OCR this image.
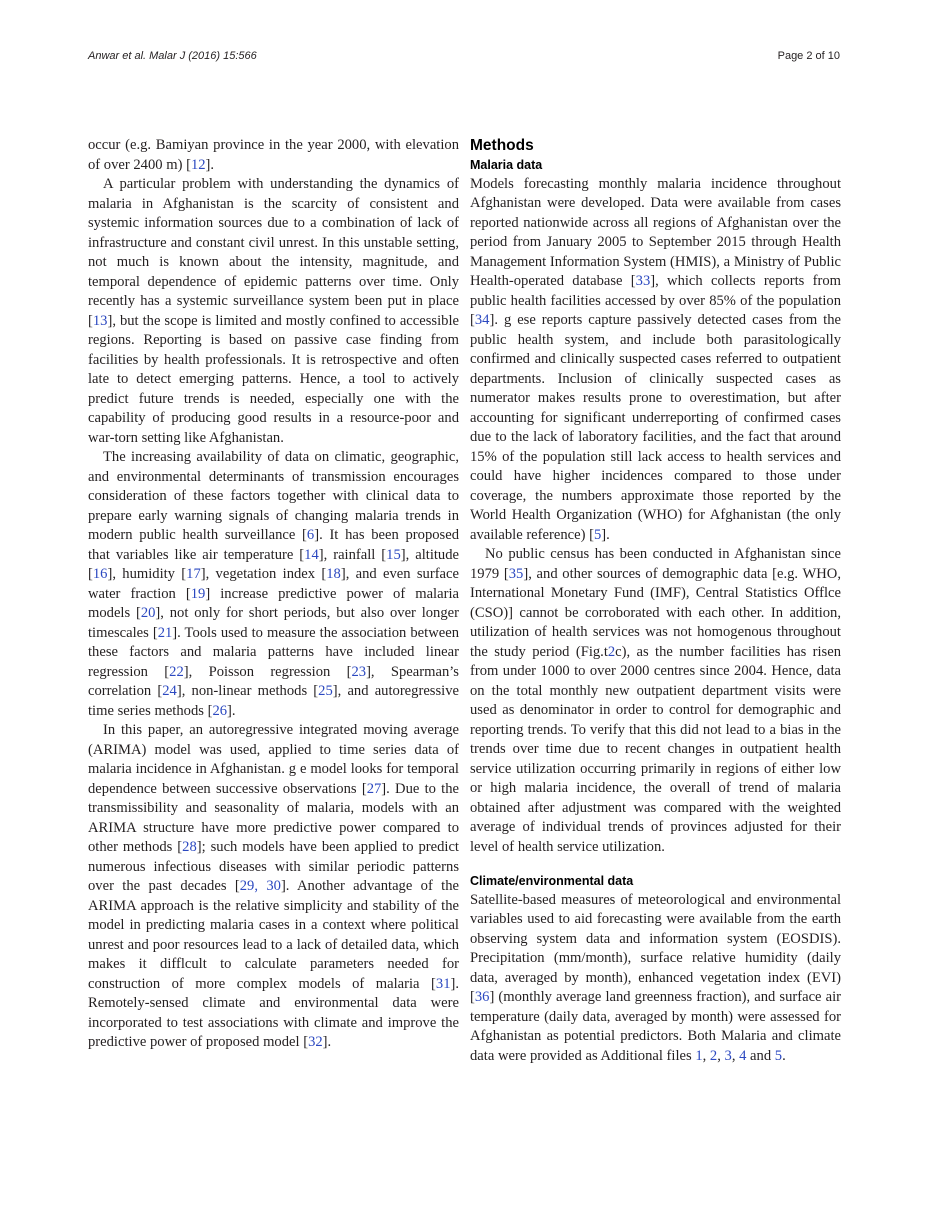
Anwar et al. Malar J (2016) 15:566	Page 2 of 10

occur (e.g. Bamiyan province in the year 2000, with elevation of over 2400 m) [12].

A particular problem with understanding the dynamics of malaria in Afghanistan is the scarcity of consistent and systemic information sources due to a combination of lack of infrastructure and constant civil unrest. In this unstable setting, not much is known about the intensity, magnitude, and temporal dependence of epidemic patterns over time. Only recently has a systemic surveillance system been put in place [13], but the scope is limited and mostly confined to accessible regions. Reporting is based on passive case finding from facilities by health professionals. It is retrospective and often late to detect emerging patterns. Hence, a tool to actively predict future trends is needed, especially one with the capability of producing good results in a resource-poor and war-torn setting like Afghanistan.

The increasing availability of data on climatic, geographic, and environmental determinants of transmission encourages consideration of these factors together with clinical data to prepare early warning signals of changing malaria trends in modern public health surveillance [6]. It has been proposed that variables like air temperature [14], rainfall [15], altitude [16], humidity [17], vegetation index [18], and even surface water fraction [19] increase predictive power of malaria models [20], not only for short periods, but also over longer timescales [21]. Tools used to measure the association between these factors and malaria patterns have included linear regression [22], Poisson regression [23], Spearman’s correlation [24], non-linear methods [25], and autoregressive time series methods [26].

In this paper, an autoregressive integrated moving average (ARIMA) model was used, applied to time series data of malaria incidence in Afghanistan. g e model looks for temporal dependence between successive observations [27]. Due to the transmissibility and seasonality of malaria, models with an ARIMA structure have more predictive power compared to other methods [28]; such models have been applied to predict numerous infectious diseases with similar periodic patterns over the past decades [29, 30]. Another advantage of the ARIMA approach is the relative simplicity and stability of the model in predicting malaria cases in a context where political unrest and poor resources lead to a lack of detailed data, which makes it difflcult to calculate parameters needed for construction of more complex models of malaria [31]. Remotely-sensed climate and environmental data were incorporated to test associations with climate and improve the predictive power of proposed model [32].

Methods
Malaria data

Models forecasting monthly malaria incidence throughout Afghanistan were developed. Data were available from cases reported nationwide across all regions of Afghanistan over the period from January 2005 to September 2015 through Health Management Information System (HMIS), a Ministry of Public Health-operated database [33], which collects reports from public health facilities accessed by over 85% of the population [34]. g ese reports capture passively detected cases from the public health system, and include both parasitologically confirmed and clinically suspected cases referred to outpatient departments. Inclusion of clinically suspected cases as numerator makes results prone to overestimation, but after accounting for significant underreporting of confirmed cases due to the lack of laboratory facilities, and the fact that around 15% of the population still lack access to health services and could have higher incidences compared to those under coverage, the numbers approximate those reported by the World Health Organization (WHO) for Afghanistan (the only available reference) [5].

No public census has been conducted in Afghanistan since 1979 [35], and other sources of demographic data [e.g. WHO, International Monetary Fund (IMF), Central Statistics Offlce (CSO)] cannot be corroborated with each other. In addition, utilization of health services was not homogenous throughout the study period (Fig.t2c), as the number facilities has risen from under 1000 to over 2000 centres since 2004. Hence, data on the total monthly new outpatient department visits were used as denominator in order to control for demographic and reporting trends. To verify that this did not lead to a bias in the trends over time due to recent changes in outpatient health service utilization occurring primarily in regions of either low or high malaria incidence, the overall of trend of malaria obtained after adjustment was compared with the weighted average of individual trends of provinces adjusted for their level of health service utilization.

Climate/environmental data

Satellite-based measures of meteorological and environmental variables used to aid forecasting were available from the earth observing system data and information system (EOSDIS). Precipitation (mm/month), surface relative humidity (daily data, averaged by month), enhanced vegetation index (EVI) [36] (monthly average land greenness fraction), and surface air temperature (daily data, averaged by month) were assessed for Afghanistan as potential predictors. Both Malaria and climate data were provided as Additional files 1, 2, 3, 4 and 5.
